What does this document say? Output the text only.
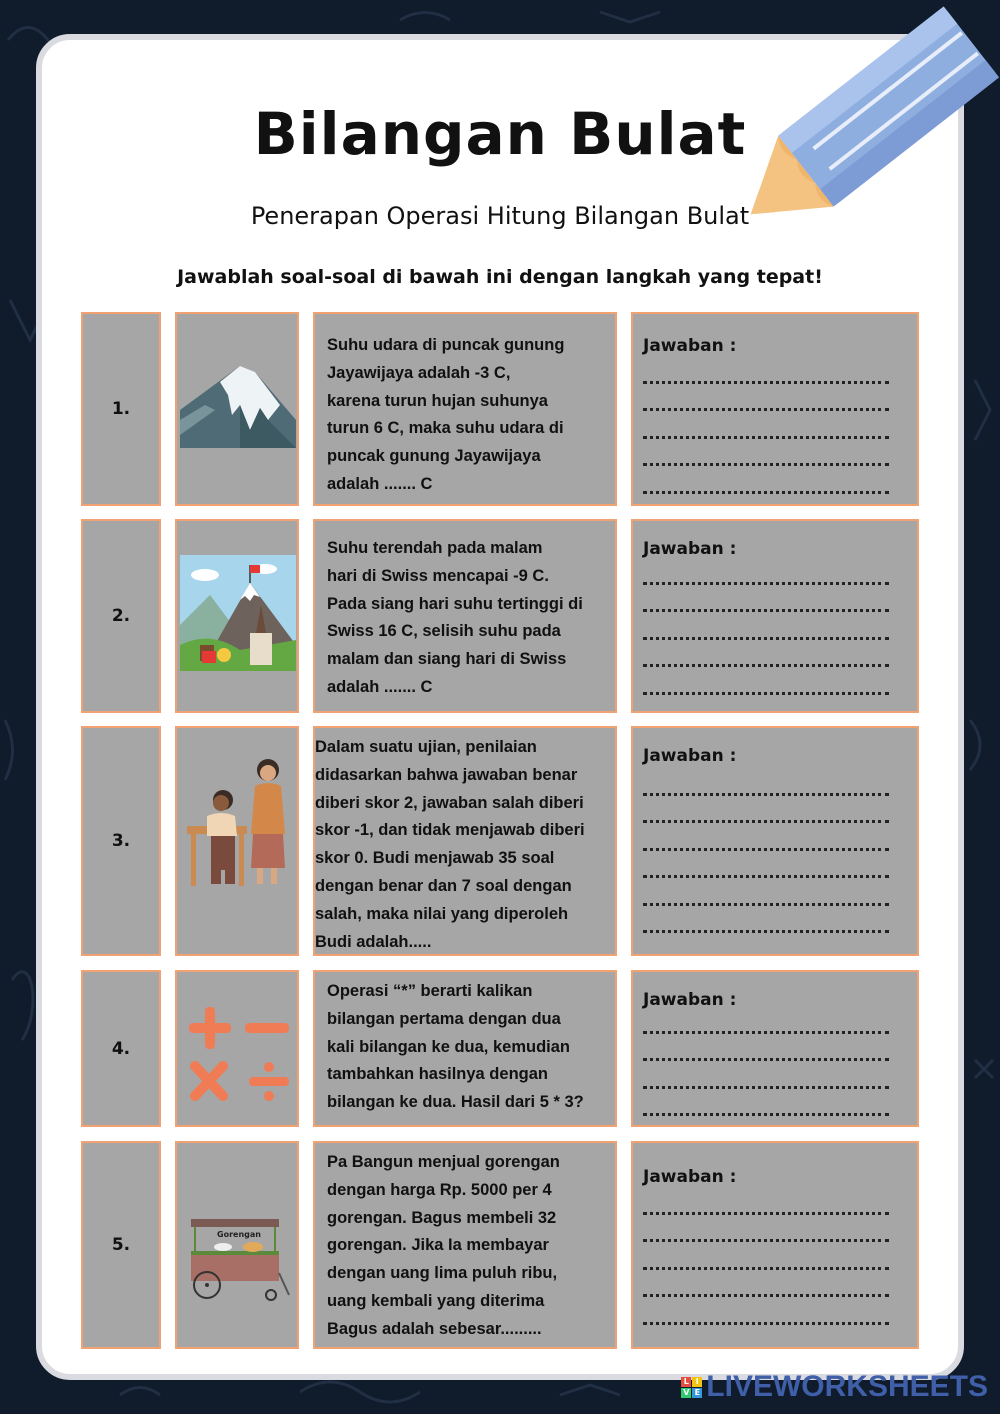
Bilangan Bulat
Penerapan Operasi Hitung Bilangan Bulat
Jawablah soal-soal di bawah ini dengan langkah yang tepat!
1.
Suhu udara di puncak gunung
Jayawijaya adalah -3 C,
karena turun hujan suhunya
turun 6 C, maka suhu udara di
puncak gunung Jayawijaya
adalah ....... C
Jawaban :
2.
Suhu terendah pada malam
hari di Swiss mencapai -9 C.
Pada siang hari suhu tertinggi di
Swiss 16 C, selisih suhu pada
malam dan siang hari di Swiss
adalah ....... C
Jawaban :
3.
Dalam suatu ujian, penilaian
didasarkan bahwa jawaban benar
diberi skor 2, jawaban salah diberi
skor -1, dan tidak menjawab diberi
skor 0. Budi menjawab 35 soal
dengan benar dan 7 soal dengan
salah, maka nilai yang diperoleh
Budi adalah.....
Jawaban :
4.
Operasi “*” berarti kalikan
bilangan pertama dengan dua
kali bilangan ke dua, kemudian
tambahkan hasilnya dengan
bilangan ke dua. Hasil dari 5 * 3?
Jawaban :
5.
Gorengan
Pa Bangun menjual gorengan
dengan harga Rp. 5000 per 4
gorengan. Bagus membeli 32
gorengan. Jika Ia membayar
dengan uang lima puluh ribu,
uang kembali yang diterima
Bagus adalah sebesar.........
Jawaban :
L I
V E LIVEWORKSHEETS
